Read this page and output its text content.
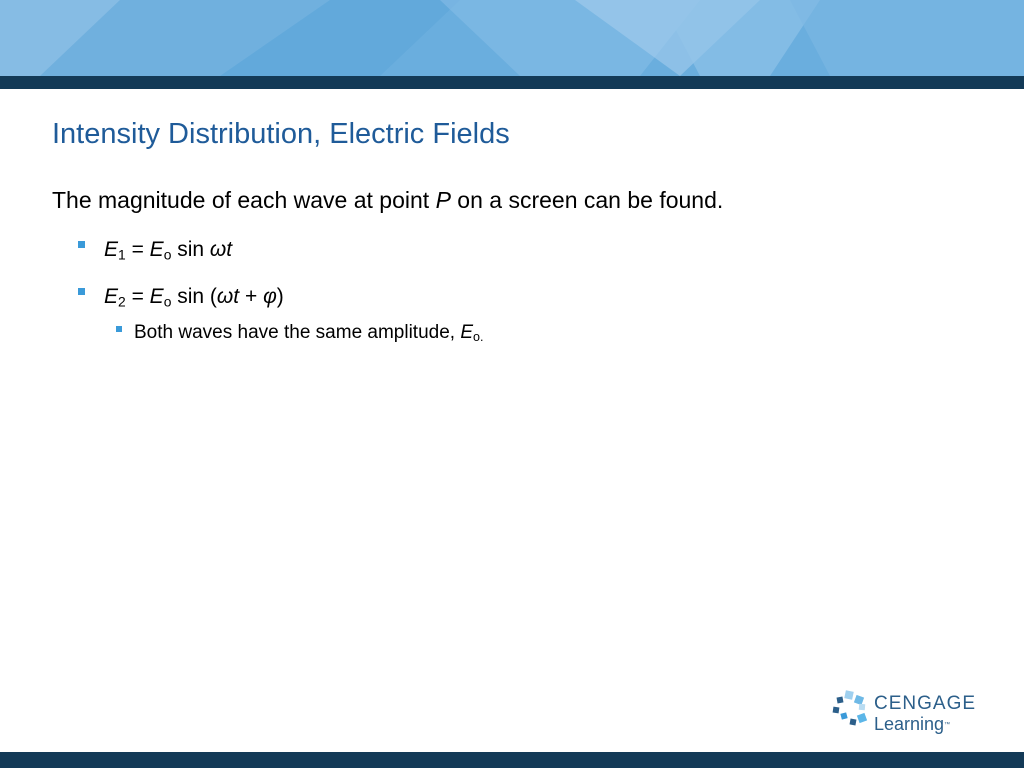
Intensity Distribution, Electric Fields

The magnitude of each wave at point P on a screen can be found.

$E_1 = E_o$ sin ωt

$E_2 = E_o$ sin (ωt + φ)

Both waves have the same amplitude, $E_{o.}$

CENGAGE
Learning™
